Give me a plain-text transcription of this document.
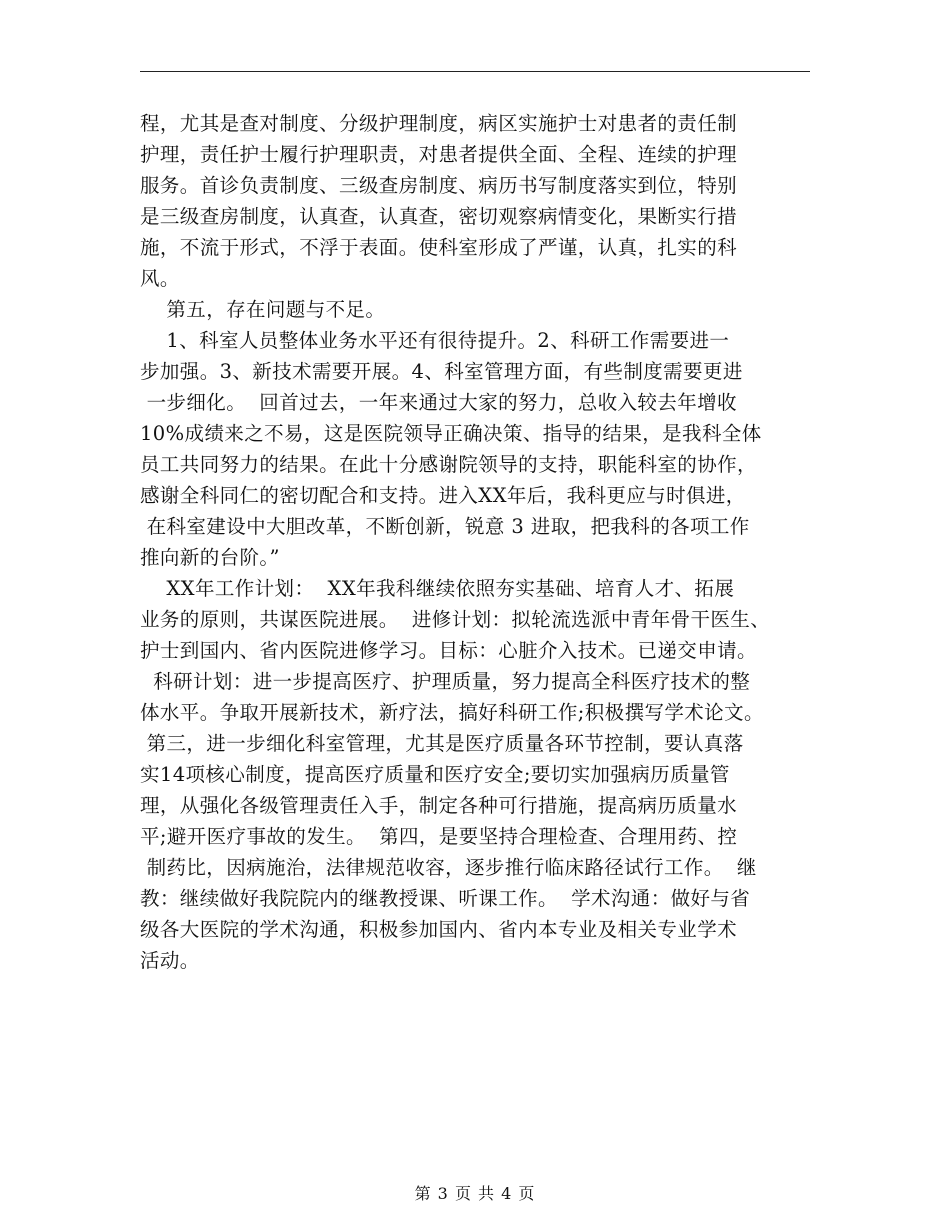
程，尤其是查对制度、分级护理制度，病区实施护士对患者的责任制
护理，责任护士履行护理职责，对患者提供全面、全程、连续的护理
服务。首诊负责制度、三级查房制度、病历书写制度落实到位，特别
是三级查房制度，认真查，认真查，密切观察病情变化，果断实行措
施，不流于形式，不浮于表面。使科室形成了严谨，认真，扎实的科
风。
第五，存在问题与不足。
1、科室人员整体业务水平还有很待提升。2、科研工作需要进一
步加强。3、新技术需要开展。4、科室管理方面，有些制度需要更进
一步细化。  回首过去，一年来通过大家的努力，总收入较去年增收
10%成绩来之不易，这是医院领导正确决策、指导的结果，是我科全体
员工共同努力的结果。在此十分感谢院领导的支持，职能科室的协作，
感谢全科同仁的密切配合和支持。进入XX年后，我科更应与时俱进，
在科室建设中大胆改革，不断创新，锐意 3 进取，把我科的各项工作
推向新的台阶。”
XX年工作计划：  XX年我科继续依照夯实基础、培育人才、拓展
业务的原则，共谋医院进展。  进修计划：拟轮流选派中青年骨干医生、
护士到国内、省内医院进修学习。目标：心脏介入技术。已递交申请。
科研计划：进一步提高医疗、护理质量，努力提高全科医疗技术的整
体水平。争取开展新技术，新疗法，搞好科研工作;积极撰写学术论文。
第三，进一步细化科室管理，尤其是医疗质量各环节控制，要认真落
实14项核心制度，提高医疗质量和医疗安全;要切实加强病历质量管
理，从强化各级管理责任入手，制定各种可行措施，提高病历质量水
平;避开医疗事故的发生。  第四，是要坚持合理检查、合理用药、控
制药比，因病施治，法律规范收容，逐步推行临床路径试行工作。  继
教：继续做好我院院内的继教授课、听课工作。  学术沟通：做好与省
级各大医院的学术沟通，积极参加国内、省内本专业及相关专业学术
活动。
第 3 页 共 4 页
